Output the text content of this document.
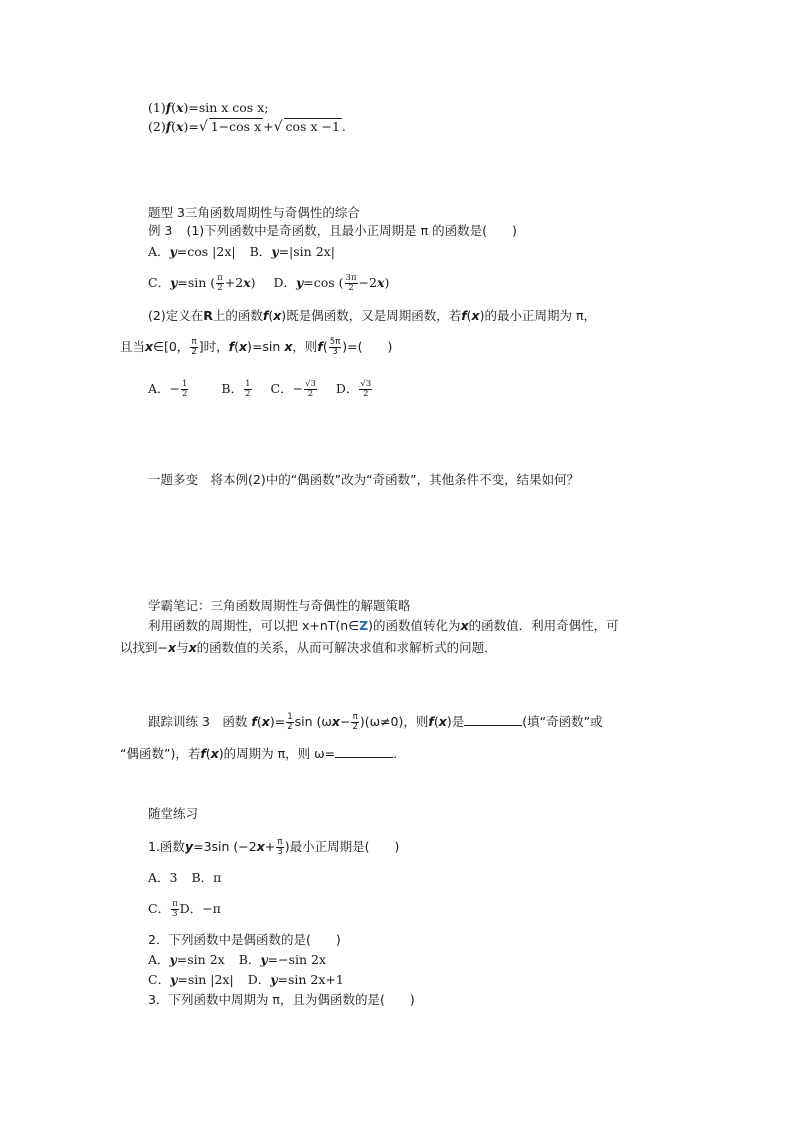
(1)f(x)=sin x cos x;
(2)f(x)=√ 1−cos x +√ cos x −1 .
题型 3三角函数周期性与奇偶性的综合
例 3 (1)下列函数中是奇函数，且最小正周期是 π 的函数是(　　)
A．y=cos |2x| B．y=|sin 2x|
C．y=sin ( $\frac{\pi}{2} +2x$) D．y=cos ( $\frac{3\pi}{2} -2x$)
(2)定义在R上的函数f(x)既是偶函数，又是周期函数，若f(x)的最小正周期为 π，
且当x∈[0， $\frac{\pi}{2}$ ]时，f(x)=sin x，则$f( \frac{5\pi}{3}$ )=(　　)
A．− $\frac{1}{2}$	B． $\frac{1}{2}$ C．− $\frac{√3}{2}$ D． $\frac{√3}{2}$
一题多变　将本例(2)中的“偶函数”改为“奇函数”，其他条件不变，结果如何？
学霸笔记：三角函数周期性与奇偶性的解题策略
利用函数的周期性，可以把 x+nT(n∈Z)的函数值转化为x的函数值．利用奇偶性，可
以找到−x与x的函数值的关系，从而可解决求值和求解析式的问题．
跟踪训练 3　函数 $f(x)= \frac{1}{2}$ $\sin (\omega x- \frac{\pi}{2} )(\omega\ne 0)$，则f(x)是	(填“奇函数”或
“偶函数”)，若f(x)的周期为 π，则 ω=	.
随堂练习
1.函数y=3sin ($-2x+ \frac{\pi}{3}$ )最小正周期是(　　)
A．3 B．π
C． $\frac{\pi}{3}$ D．−π
2．下列函数中是偶函数的是(　　)
A．y=sin 2x B．y=−sin 2x
C．y=sin |2x| D．y=sin 2x+1
3．下列函数中周期为 π，且为偶函数的是(　　)
